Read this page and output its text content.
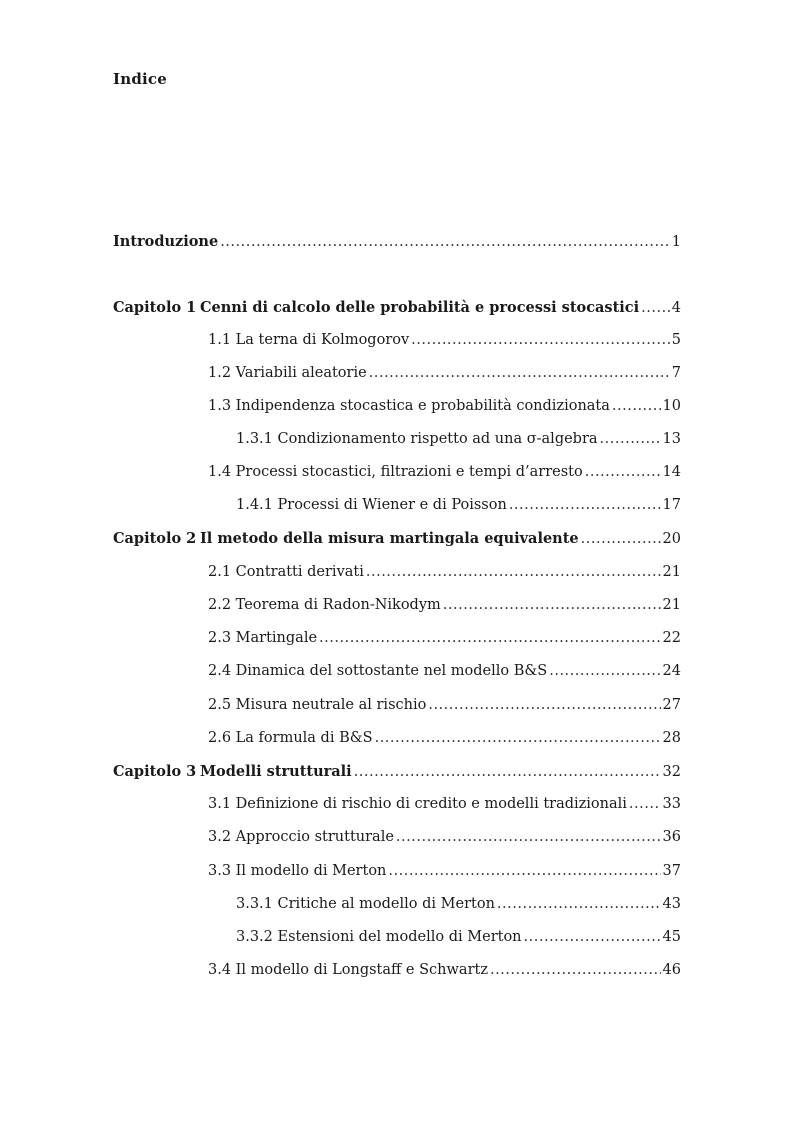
Indice
Introduzione .....	1
Capitolo 1 Cenni di calcolo delle probabilità e processi stocastici ..... 4
1.1 La terna di Kolmogorov .....	5
1.2 Variabili aleatorie .....	7
1.3 Indipendenza stocastica e probabilità condizionata .....	10
1.3.1 Condizionamento rispetto ad una σ-algebra .....	13
1.4 Processi stocastici, filtrazioni e tempi d’arresto .....	14
1.4.1 Processi di Wiener e di Poisson .....	17
Capitolo 2 Il metodo della misura martingala equivalente .....	20
2.1 Contratti derivati .....	21
2.2 Teorema di Radon-Nikodym .....	21
2.3 Martingale .....	22
2.4 Dinamica del sottostante nel modello B&S .....	24
2.5 Misura neutrale al rischio .....	27
2.6 La formula di B&S .....	28
Capitolo 3 Modelli strutturali .....	32
3.1 Definizione di rischio di credito e modelli tradizionali ..... 33
3.2 Approccio strutturale .....	36
3.3 Il modello di Merton .....	37
3.3.1 Critiche al modello di Merton .....	43
3.3.2 Estensioni del modello di Merton .....	45
3.4 Il modello di Longstaff e Schwartz .....	46
